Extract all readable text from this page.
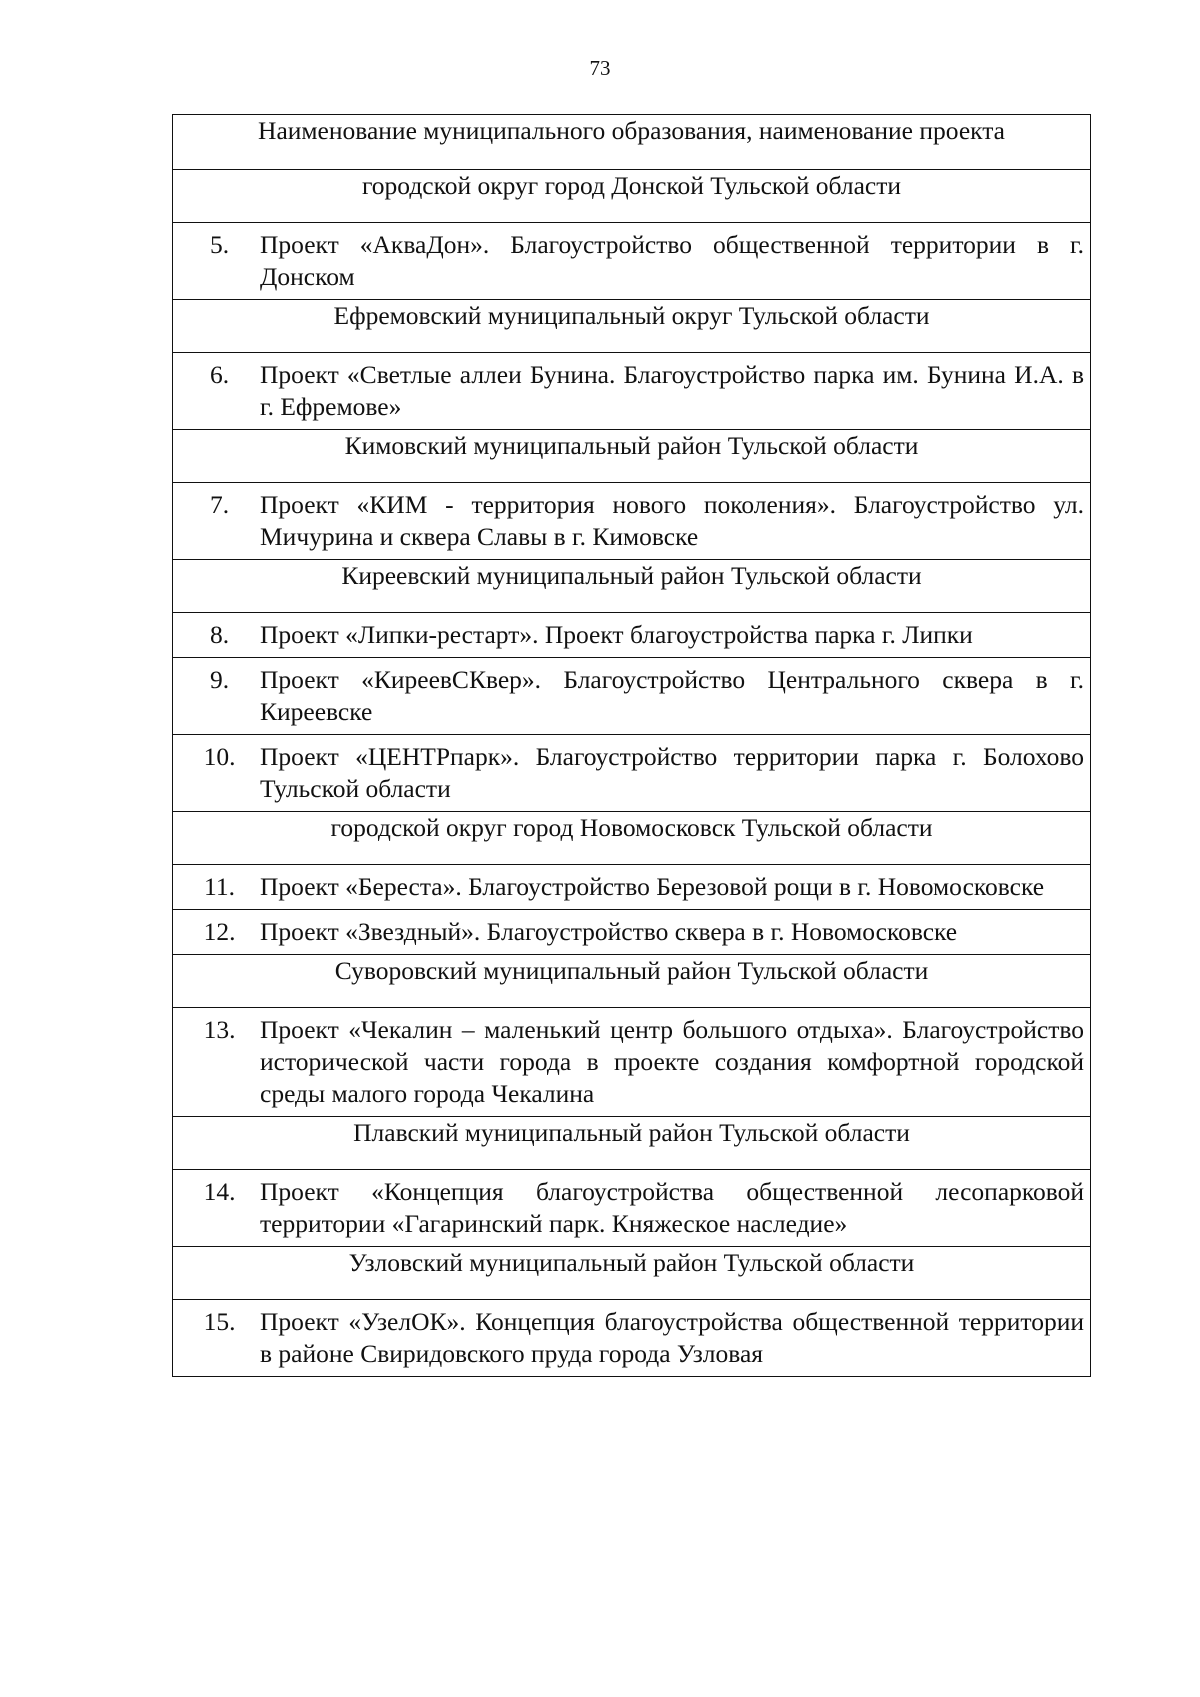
73
Наименование муниципального образования, наименование проекта
городской округ город Донской Тульской области

5.	Проект «АкваДон». Благоустройство общественной территории в г. Донском

Ефремовский муниципальный округ Тульской области

6.	Проект «Светлые аллеи Бунина. Благоустройство парка им. Бунина И.А. в г. Ефремове»

Кимовский муниципальный район Тульской области

7.	Проект «КИМ - территория нового поколения». Благоустройство ул. Мичурина и сквера Славы в г. Кимовске

Киреевский муниципальный район Тульской области

8.	Проект «Липки-рестарт». Проект благоустройства парка г. Липки

9.	Проект «КиреевСКвер». Благоустройство Центрального сквера в г. Киреевске

10. Проект «ЦЕНТРпарк». Благоустройство территории парка г. Болохово Тульской области

городской округ город Новомосковск Тульской области

11. Проект «Береста». Благоустройство Березовой рощи в г. Новомосковске

12. Проект «Звездный». Благоустройство сквера в г. Новомосковске

Суворовский муниципальный район Тульской области

13. Проект «Чекалин – маленький центр большого отдыха». Благоустройство исторической части города в проекте создания комфортной городской среды малого города Чекалина

Плавский муниципальный район Тульской области

14. Проект «Концепция благоустройства общественной лесопарковой территории «Гагаринский парк. Княжеское наследие»

Узловский муниципальный район Тульской области

15. Проект «УзелОК». Концепция благоустройства общественной территории в районе Свиридовского пруда города Узловая
